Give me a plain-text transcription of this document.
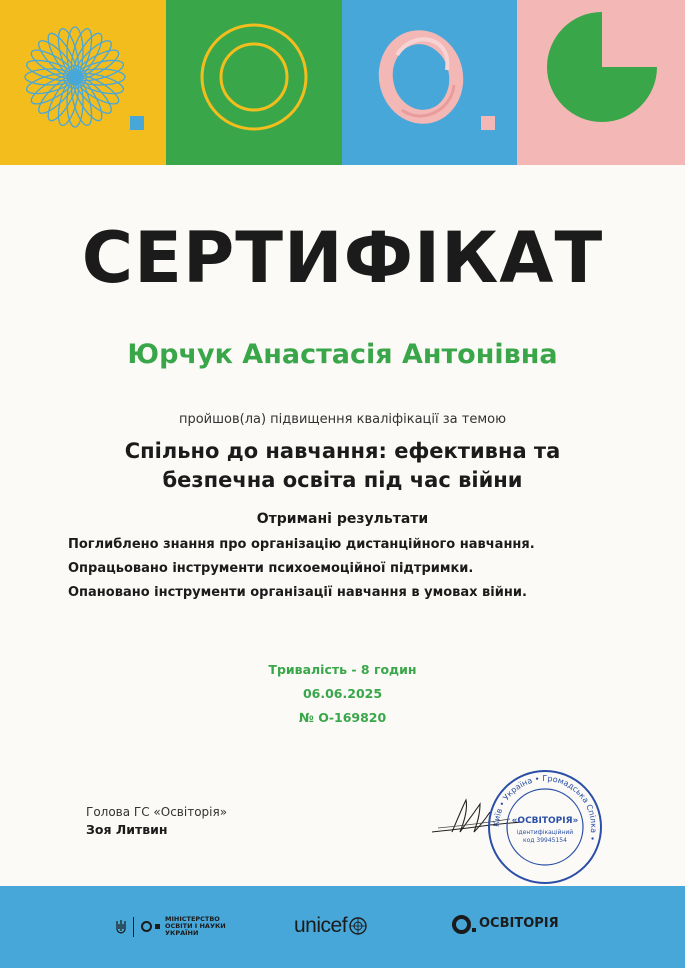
СЕРТИФІКАТ
Юрчук Анастасія Антонівна
пройшов(ла) підвищення кваліфікації за темою
Спільно до навчання: ефективна та
безпечна освіта під час війни
Отримані результати
Поглиблено знання про організацію дистанційного навчання.
Опрацьовано інструменти психоемоційної підтримки.
Опановано інструменти організації навчання в умовах війни.
Тривалість - 8 годин
06.06.2025
№ О-169820
Голова ГС «Освіторія»
Зоя Литвин	Київ • Україна • Громадська Спілка •
«ОСВІТОРІЯ»
ідентифікаційний
код 39945154
МІНІСТЕРСТВО ОСВІТИ І НАУКИ УКРАЇНИ	unicef	ОСВІТОРІЯ
